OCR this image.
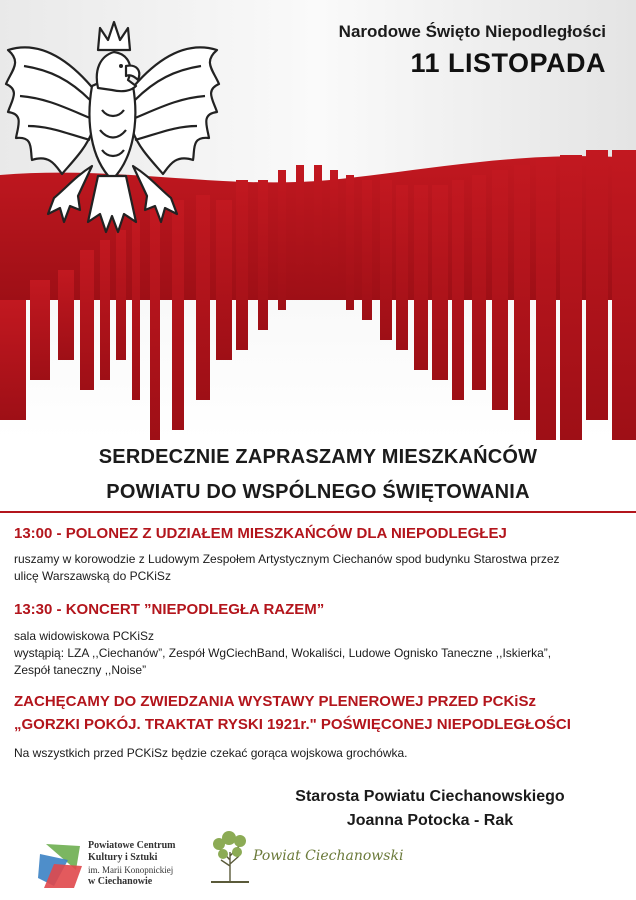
Narodowe Święto Niepodległości
11 LISTOPADA
SERDECZNIE ZAPRASZAMY MIESZKAŃCÓW
POWIATU DO WSPÓLNEGO ŚWIĘTOWANIA
13:00 - POLONEZ Z UDZIAŁEM MIESZKAŃCÓW DLA NIEPODLEGŁEJ
ruszamy w korowodzie z Ludowym Zespołem Artystycznym Ciechanów spod budynku Starostwa przez
ulicę Warszawską do PCKiSz
13:30 - KONCERT ”NIEPODLEGŁA RAZEM”
sala widowiskowa PCKiSz
wystąpią: LZA ,,Ciechanów”, Zespół WgCiechBand, Wokaliści, Ludowe Ognisko Taneczne ,,Iskierka”,
Zespół taneczny ,,Noise”
ZACHĘCAMY DO ZWIEDZANIA WYSTAWY PLENEROWEJ PRZED PCKiSz
„GORZKI POKÓJ. TRAKTAT RYSKI 1921r." POŚWIĘCONEJ NIEPODLEGŁOŚCI
Na wszystkich przed PCKiSz będzie czekać gorąca wojskowa grochówka.
Starosta Powiatu Ciechanowskiego
Joanna Potocka - Rak
Powiatowe Centrum
Kultury i Sztuki
im. Marii Konopnickiej
w Ciechanowie
Powiat Ciechanowski
